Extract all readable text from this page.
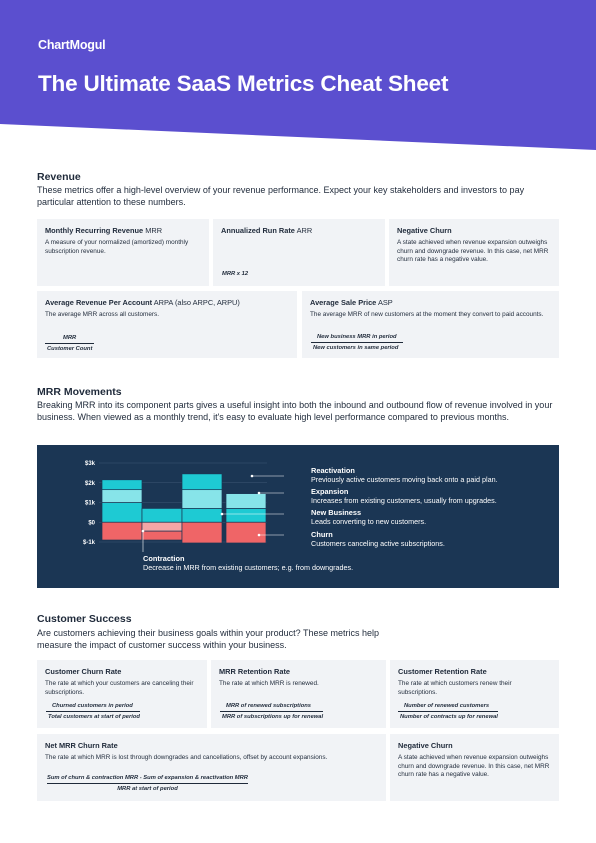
ChartMogul
The Ultimate SaaS Metrics Cheat Sheet
Revenue
These metrics offer a high-level overview of your revenue performance. Expect your key stakeholders and investors to pay particular attention to these numbers.
Monthly Recurring Revenue MRR
A measure of your normalized (amortized) monthly subscription revenue.
Annualized Run Rate ARR
MRR x 12
Negative Churn
A state achieved when revenue expansion outweighs churn and downgrade revenue. In this case, net MRR churn rate has a negative value.
Average Revenue Per Account ARPA (also ARPC, ARPU)
The average MRR across all customers.
MRR
Customer Count
Average Sale Price ASP
The average MRR of new customers at the moment they convert to paid accounts.
New business MRR in period
New customers in same period
MRR Movements
Breaking MRR into its component parts gives a useful insight into both the inbound and outbound flow of revenue involved in your business. When viewed as a monthly trend, it's easy to evaluate high level performance compared to previous months.
$3k
$2k
$1k
$0
$-1k
Reactivation
Previously active customers moving back onto a paid plan.
Expansion
Increases from existing customers, usually from upgrades.
New Business
Leads converting to new customers.
Churn
Customers canceling active subscriptions.
Contraction
Decrease in MRR from existing customers; e.g. from downgrades.
Customer Success
Are customers achieving their business goals within your product? These metrics help measure the impact of customer success within your business.
Customer Churn Rate
The rate at which your customers are canceling their subscriptions.
Churned customers in period
Total customers at start of period
MRR Retention Rate
The rate at which MRR is renewed.
MRR of renewed subscriptions
MRR of subscriptions up for renewal
Customer Retention Rate
The rate at which customers renew their subscriptions.
Number of renewed customers
Number of contracts up for renewal
Net MRR Churn Rate
The rate at which MRR is lost through downgrades and cancellations, offset by account expansions.
Sum of churn & contraction MRR - Sum of expansion & reactivation MRR
MRR at start of period
Negative Churn
A state achieved when revenue expansion outweighs churn and downgrade revenue. In this case, net MRR churn rate has a negative value.
